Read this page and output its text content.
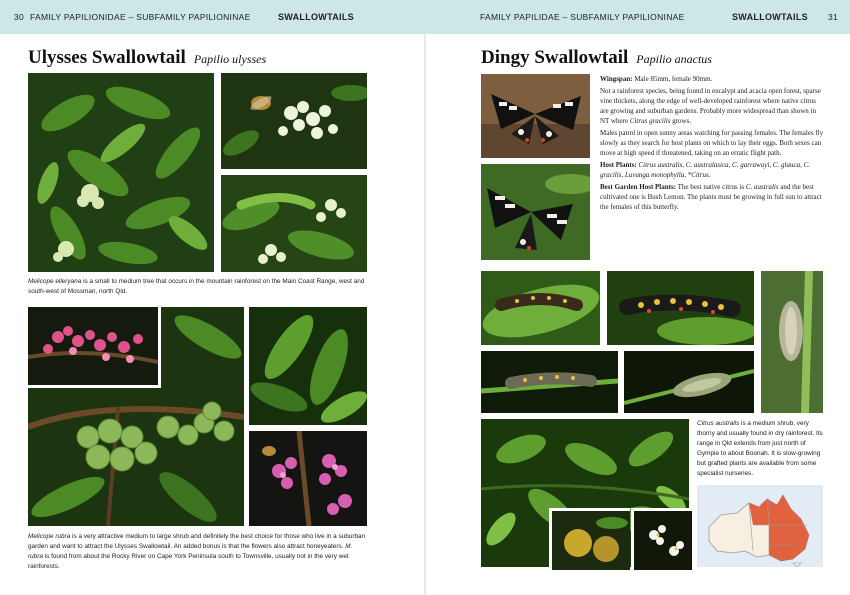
30 FAMILY PAPILIONIDAE – SUBFAMILY PAPILIONINAE	SWALLOWTAILS	FAMILY PAPILIDAE – SUBFAMILY PAPILIONINAE	SWALLOWTAILS 31
Ulysses Swallowtail Papilio ulysses
Melicope elleryana is a small to medium tree that occurs in the mountain rainforest on the Main Coast Range, west and south-west of Mossman, north Qld.
Melicope rubra is a very attractive medium to large shrub and definitely the best choice for those who live in a suburban garden and want to attract the Ulysses Swallowtail. An added bonus is that the flowers also attract honeyeaters. M. rubra is found from about the Rocky River on Cape York Peninsula south to Townsville, usually not in the very wet rainforests.
Dingy Swallowtail Papilio anactus

Wingspan: Male 85mm, female 90mm.

Not a rainforest species, being found in eucalypt and acacia open forest, sparse vine thickets, along the edge of well-developed rainforest where native citrus are growing and suburban gardens. Probably more widespread than shown in NT where Citrus gracilis grows.

Males patrol in open sunny areas watching for passing females. The females fly slowly as they search for host plants on which to lay their eggs. Both sexes can move at high speed if threatened, taking on an erratic flight path.

Host Plants: Citrus australis, C. australasica, C. garrawayi, C. glauca, C. gracilis, Luvunga monophylla, *Citrus.

Best Garden Host Plants: The best native citrus is C. australis and the best cultivated one is Bush Lemon. The plants must be growing in full sun to attract the females of this butterfly.

Citrus australis is a medium shrub, very thorny and usually found in dry rainforest. Its range in Qld extends from just north of Gympie to about Boonah. It is slow-growing but grafted plants are available from some specialist nurseries.
